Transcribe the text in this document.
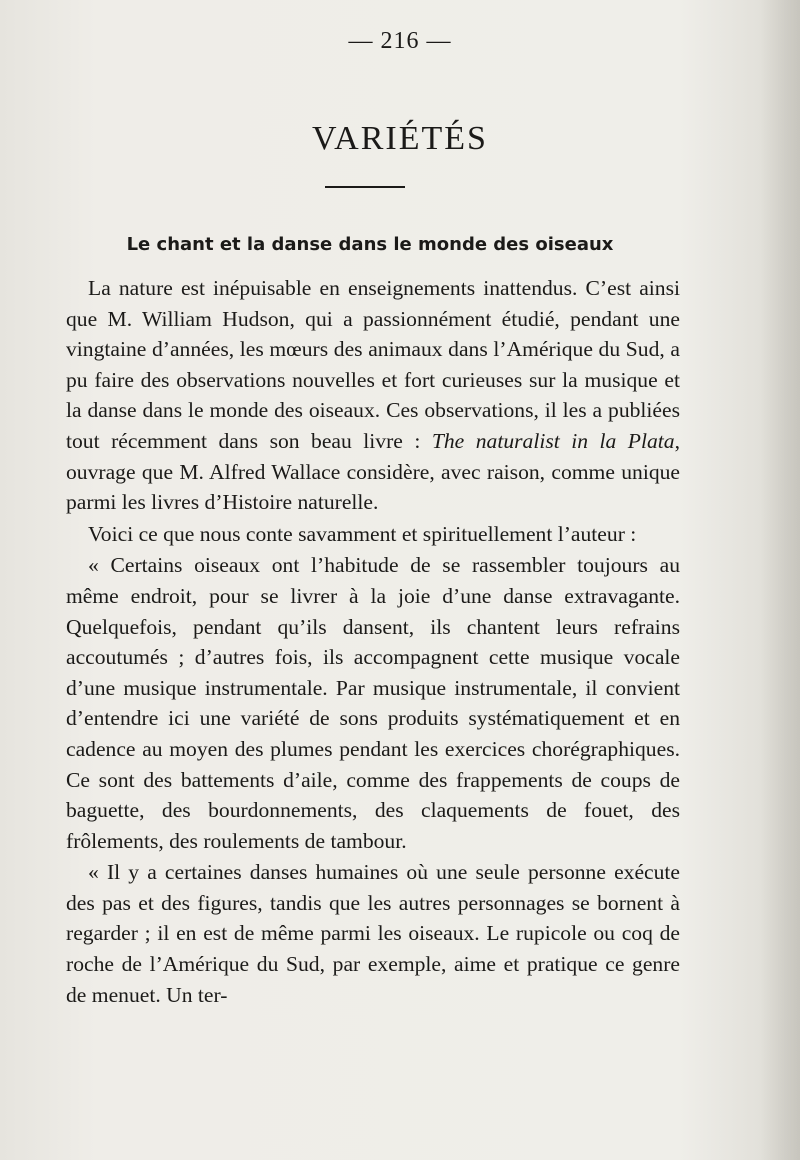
— 216 —
VARIÉTÉS
Le chant et la danse dans le monde des oiseaux

La nature est inépuisable en enseignements inattendus. C’est ainsi que M. William Hudson, qui a passionnément étudié, pendant une vingtaine d’années, les mœurs des animaux dans l’Amérique du Sud, a pu faire des observations nouvelles et fort curieuses sur la musique et la danse dans le monde des oiseaux. Ces observations, il les a publiées tout récemment dans son beau livre : The naturalist in la Plata, ouvrage que M. Alfred Wallace considère, avec raison, comme unique parmi les livres d’Histoire naturelle.

Voici ce que nous conte savamment et spirituellement l’auteur :

« Certains oiseaux ont l’habitude de se rassembler toujours au même endroit, pour se livrer à la joie d’une danse extravagante. Quelquefois, pendant qu’ils dansent, ils chantent leurs refrains accoutumés ; d’autres fois, ils accompagnent cette musique vocale d’une musique instrumentale. Par musique instrumentale, il convient d’entendre ici une variété de sons produits systématiquement et en cadence au moyen des plumes pendant les exercices chorégraphiques. Ce sont des battements d’aile, comme des frappements de coups de baguette, des bourdonnements, des claquements de fouet, des frôlements, des roulements de tambour.

« Il y a certaines danses humaines où une seule personne exécute des pas et des figures, tandis que les autres personnages se bornent à regarder ; il en est de même parmi les oiseaux. Le rupicole ou coq de roche de l’Amérique du Sud, par exemple, aime et pratique ce genre de menuet. Un ter-
